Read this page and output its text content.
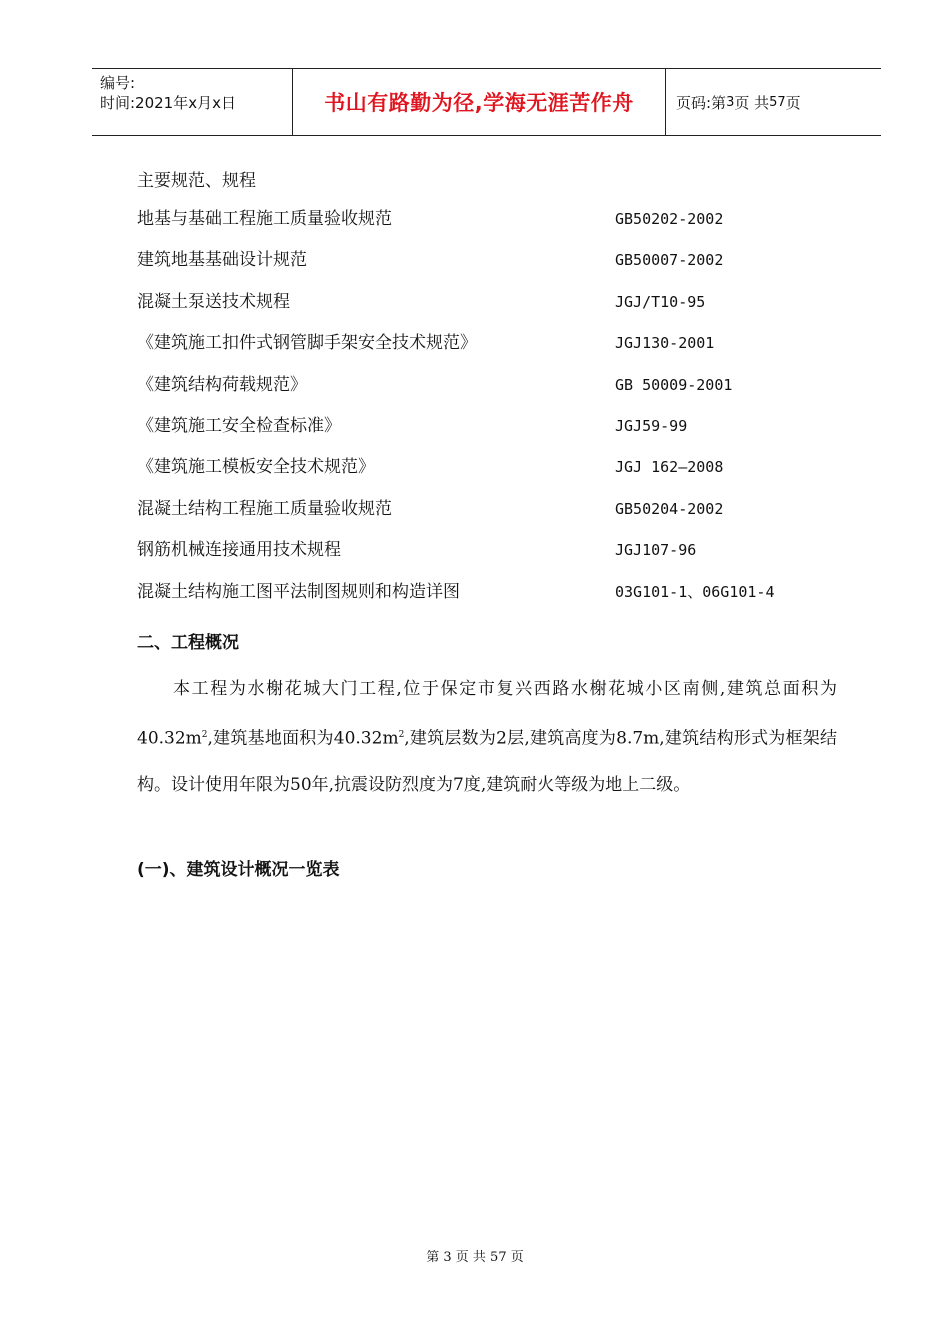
编号:
时间:2021年x月x日	书山有路勤为径,学海无涯苦作舟	页码:第 3 页 共 57 页
主要规范、规程
地基与基础工程施工质量验收规范	GB50202-2002
建筑地基基础设计规范	GB50007-2002
混凝土泵送技术规程	JGJ/T10-95
《建筑施工扣件式钢管脚手架安全技术规范》	JGJ130-2001
《建筑结构荷载规范》	GB 50009-2001
《建筑施工安全检查标准》	JGJ59-99
《建筑施工模板安全技术规范》	JGJ 162—2008
混凝土结构工程施工质量验收规范	GB50204-2002
钢筋机械连接通用技术规程	JGJ107-96
混凝土结构施工图平法制图规则和构造详图	03G101-1、06G101-4
二、工程概况

本工程为水榭花城大门工程,位于保定市复兴西路水榭花城小区南侧,建筑总面积为$40.32m^2$,建筑基地面积为$40.32m^2$,建筑层数为2层,建筑高度为8.7m,建筑结构形式为框架结构。设计使用年限为50年,抗震设防烈度为7度,建筑耐火等级为地上二级。

(一)、建筑设计概况一览表
第 3 页 共 57 页
